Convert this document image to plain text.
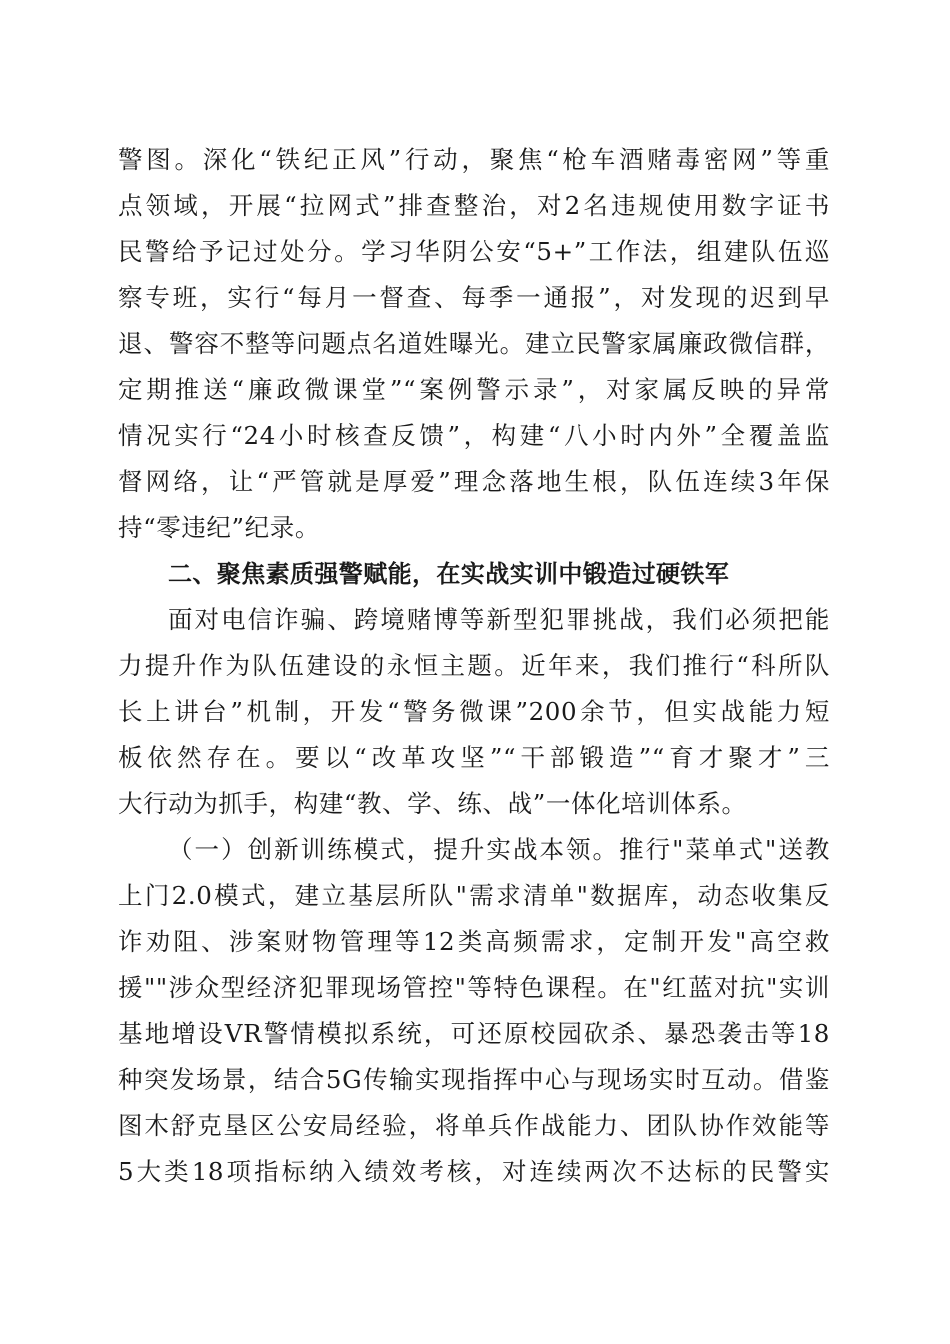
警图。深化“铁纪正风”行动，聚焦“枪车酒赌毒密网”等重
点领域，开展“拉网式”排查整治，对2名违规使用数字证书
民警给予记过处分。学习华阴公安“5+”工作法，组建队伍巡
察专班，实行“每月一督查、每季一通报”，对发现的迟到早
退、警容不整等问题点名道姓曝光。建立民警家属廉政微信群，
定期推送“廉政微课堂”“案例警示录”，对家属反映的异常
情况实行“24小时核查反馈”，构建“八小时内外”全覆盖监
督网络，让“严管就是厚爱”理念落地生根，队伍连续3年保
持“零违纪”纪录。
二、聚焦素质强警赋能，在实战实训中锻造过硬铁军
面对电信诈骗、跨境赌博等新型犯罪挑战，我们必须把能
力提升作为队伍建设的永恒主题。近年来，我们推行“科所队
长上讲台”机制，开发“警务微课”200余节，但实战能力短
板依然存在。要以“改革攻坚”“干部锻造”“育才聚才”三
大行动为抓手，构建“教、学、练、战”一体化培训体系。
（一）创新训练模式，提升实战本领。推行"菜单式"送教
上门2.0模式，建立基层所队"需求清单"数据库，动态收集反
诈劝阻、涉案财物管理等12类高频需求，定制开发"高空救
援""涉众型经济犯罪现场管控"等特色课程。在"红蓝对抗"实训
基地增设VR警情模拟系统，可还原校园砍杀、暴恐袭击等18
种突发场景，结合5G传输实现指挥中心与现场实时互动。借鉴
图木舒克垦区公安局经验，将单兵作战能力、团队协作效能等
5大类18项指标纳入绩效考核，对连续两次不达标的民警实
